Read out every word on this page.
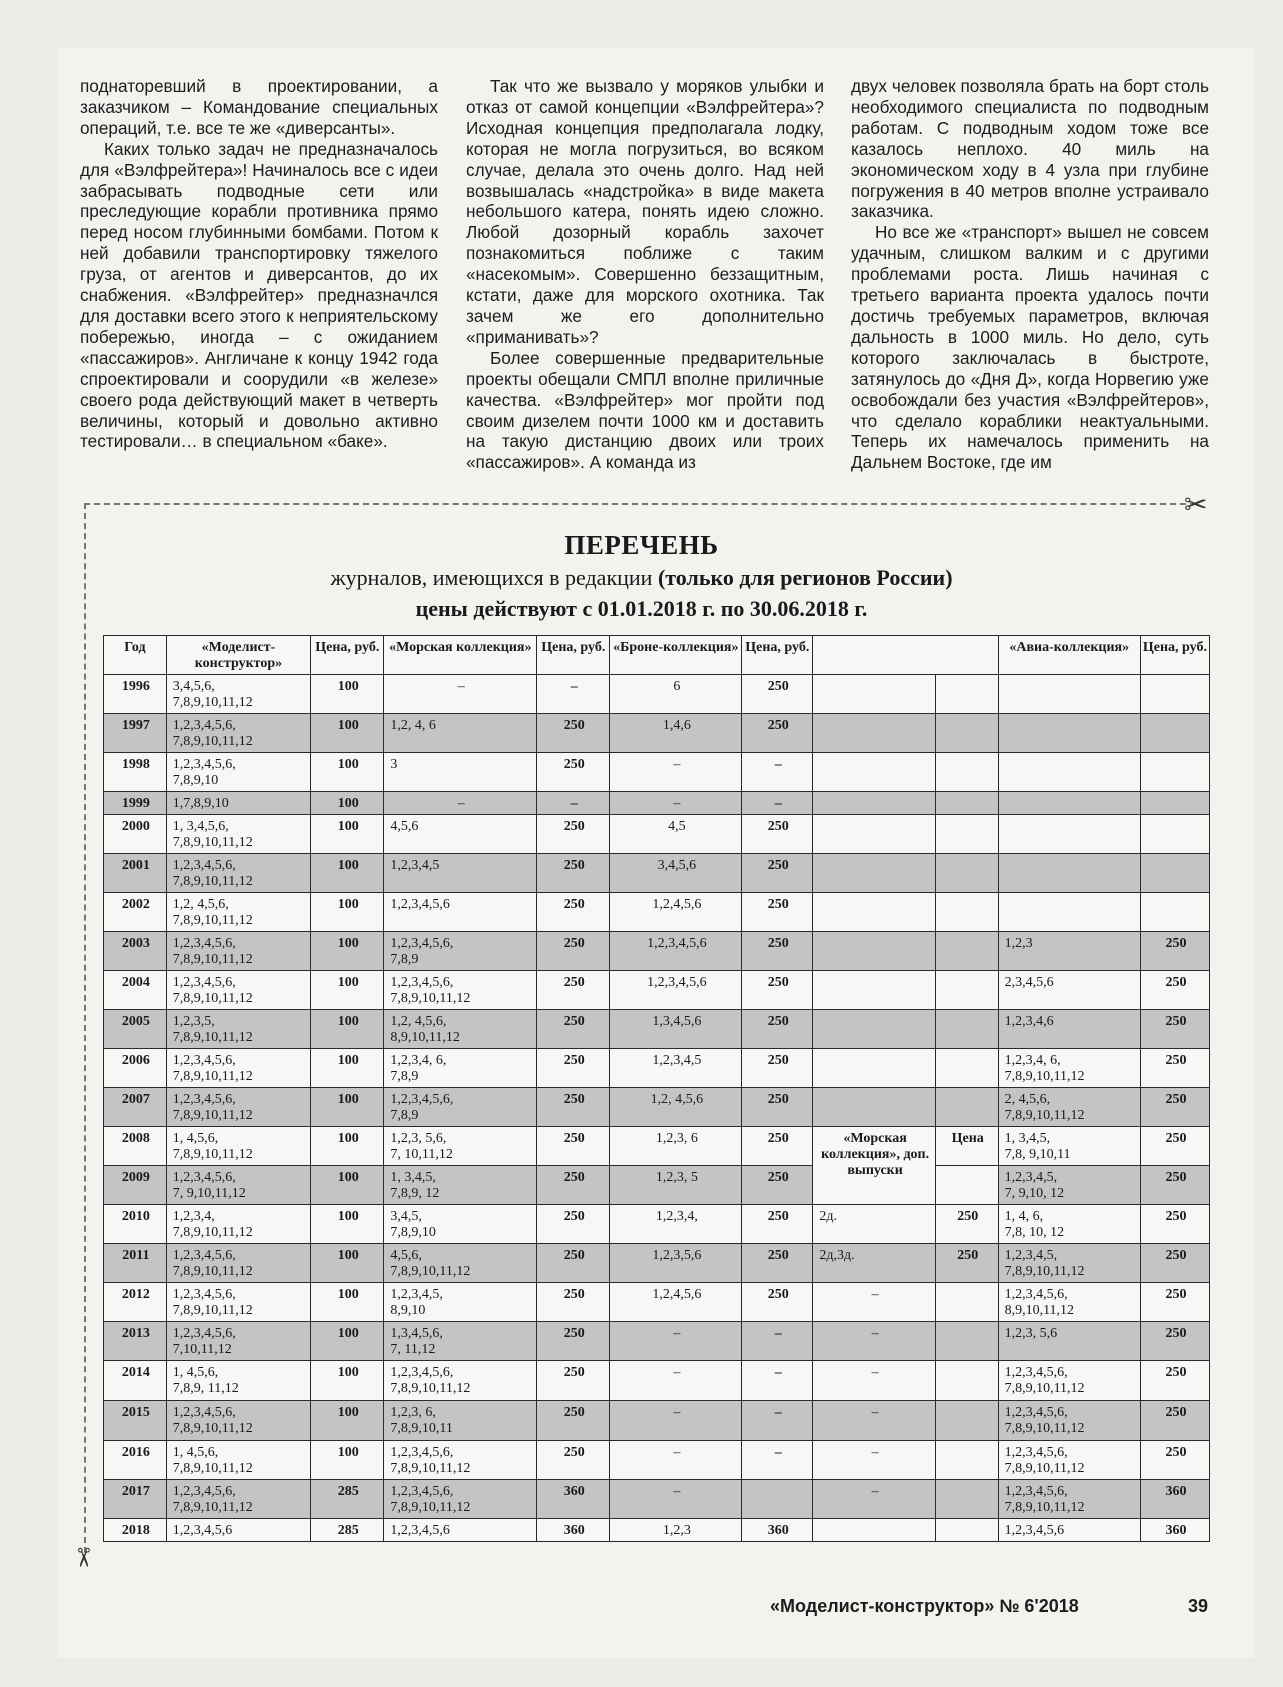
поднаторевший в проектировании, а заказчиком – Командование специальных операций, т.е. все те же «диверсанты».

Каких только задач не предназначалось для «Вэлфрейтера»! Начиналось все с идеи забрасывать подводные сети или преследующие корабли противника прямо перед носом глубинными бомбами. Потом к ней добавили транспортировку тяжелого груза, от агентов и диверсантов, до их снабжения. «Вэлфрейтер» предназначлся для доставки всего этого к неприятельскому побережью, иногда – с ожиданием «пассажиров». Англичане к концу 1942 года спроектировали и соорудили «в железе» своего рода действующий макет в четверть величины, который и довольно активно тестировали… в специальном «баке».

Так что же вызвало у моряков улыбки и отказ от самой концепции «Вэлфрейтера»? Исходная концепция предполагала лодку, которая не могла погрузиться, во всяком случае, делала это очень долго. Над ней возвышалась «надстройка» в виде макета небольшого катера, понять идею сложно. Любой дозорный корабль захочет познакомиться поближе с таким «насекомым». Совершенно беззащитным, кстати, даже для морского охотника. Так зачем же его дополнительно «приманивать»?

Более совершенные предварительные проекты обещали СМПЛ вполне приличные качества. «Вэлфрейтер» мог пройти под своим дизелем почти 1000 км и доставить на такую дистанцию двоих или троих «пассажиров». А команда из

двух человек позволяла брать на борт столь необходимого специалиста по подводным работам. С подводным ходом тоже все казалось неплохо. 40 миль на экономическом ходу в 4 узла при глубине погружения в 40 метров вполне устраивало заказчика.

Но все же «транспорт» вышел не совсем удачным, слишком валким и с другими проблемами роста. Лишь начиная с третьего варианта проекта удалось почти достичь требуемых параметров, включая дальность в 1000 миль. Но дело, суть которого заключалась в быстроте, затянулось до «Дня Д», когда Норвегию уже освобождали без участия «Вэлфрейтеров», что сделало кораблики неактуальными. Теперь их намечалось применить на Дальнем Востоке, где им

✂
✂
ПЕРЕЧЕНЬ
журналов, имеющихся в редакции (только для регионов России)
цены действуют с 01.01.2018 г. по 30.06.2018 г.
Год	«Моделист-конструктор»	Цена, руб.	«Морская коллекция»	Цена, руб.	«Броне-коллекция»	Цена, руб.			«Авиа-коллекция»	Цена, руб.
1996	3,4,5,6,
7,8,9,10,11,12	100	–	–	6	250				
1997	1,2,3,4,5,6,
7,8,9,10,11,12	100	1,2, 4, 6	250	1,4,6	250				
1998	1,2,3,4,5,6,
7,8,9,10	100	3	250	–	–				
1999	1,7,8,9,10	100	–	–	–	–				
2000	1, 3,4,5,6,
7,8,9,10,11,12	100	4,5,6	250	4,5	250				
2001	1,2,3,4,5,6,
7,8,9,10,11,12	100	1,2,3,4,5	250	3,4,5,6	250				
2002	1,2, 4,5,6,
7,8,9,10,11,12	100	1,2,3,4,5,6	250	1,2,4,5,6	250				
2003	1,2,3,4,5,6,
7,8,9,10,11,12	100	1,2,3,4,5,6,
7,8,9	250	1,2,3,4,5,6	250			1,2,3	250
2004	1,2,3,4,5,6,
7,8,9,10,11,12	100	1,2,3,4,5,6,
7,8,9,10,11,12	250	1,2,3,4,5,6	250			2,3,4,5,6	250
2005	1,2,3,5,
7,8,9,10,11,12	100	1,2, 4,5,6,
8,9,10,11,12	250	1,3,4,5,6	250			1,2,3,4,6	250
2006	1,2,3,4,5,6,
7,8,9,10,11,12	100	1,2,3,4, 6,
7,8,9	250	1,2,3,4,5	250			1,2,3,4, 6,
7,8,9,10,11,12	250
2007	1,2,3,4,5,6,
7,8,9,10,11,12	100	1,2,3,4,5,6,
7,8,9	250	1,2, 4,5,6	250			2, 4,5,6,
7,8,9,10,11,12	250
2008	1, 4,5,6,
7,8,9,10,11,12	100	1,2,3, 5,6,
7, 10,11,12	250	1,2,3, 6	250	«Морская коллекция», доп. выпуски	Цена	1, 3,4,5,
7,8, 9,10,11	250
2009	1,2,3,4,5,6,
7, 9,10,11,12	100	1, 3,4,5,
7,8,9, 12	250	1,2,3, 5	250			1,2,3,4,5,
7, 9,10, 12	250
2010	1,2,3,4,
7,8,9,10,11,12	100	3,4,5,
7,8,9,10	250	1,2,3,4,	250	2д.	250	1, 4, 6,
7,8, 10, 12	250
2011	1,2,3,4,5,6,
7,8,9,10,11,12	100	4,5,6,
7,8,9,10,11,12	250	1,2,3,5,6	250	2д,3д.	250	1,2,3,4,5,
7,8,9,10,11,12	250
2012	1,2,3,4,5,6,
7,8,9,10,11,12	100	1,2,3,4,5,
8,9,10	250	1,2,4,5,6	250	–		1,2,3,4,5,6,
8,9,10,11,12	250
2013	1,2,3,4,5,6,
7,10,11,12	100	1,3,4,5,6,
7, 11,12	250	–	–	–		1,2,3, 5,6	250
2014	1, 4,5,6,
7,8,9, 11,12	100	1,2,3,4,5,6,
7,8,9,10,11,12	250	–	–	–		1,2,3,4,5,6,
7,8,9,10,11,12	250
2015	1,2,3,4,5,6,
7,8,9,10,11,12	100	1,2,3, 6,
7,8,9,10,11	250	–	–	–		1,2,3,4,5,6,
7,8,9,10,11,12	250
2016	1, 4,5,6,
7,8,9,10,11,12	100	1,2,3,4,5,6,
7,8,9,10,11,12	250	–	–	–		1,2,3,4,5,6,
7,8,9,10,11,12	250
2017	1,2,3,4,5,6,
7,8,9,10,11,12	285	1,2,3,4,5,6,
7,8,9,10,11,12	360	–		–		1,2,3,4,5,6,
7,8,9,10,11,12	360
2018	1,2,3,4,5,6	285	1,2,3,4,5,6	360	1,2,3	360			1,2,3,4,5,6	360
«Моделист-конструктор» № 6'2018	39
